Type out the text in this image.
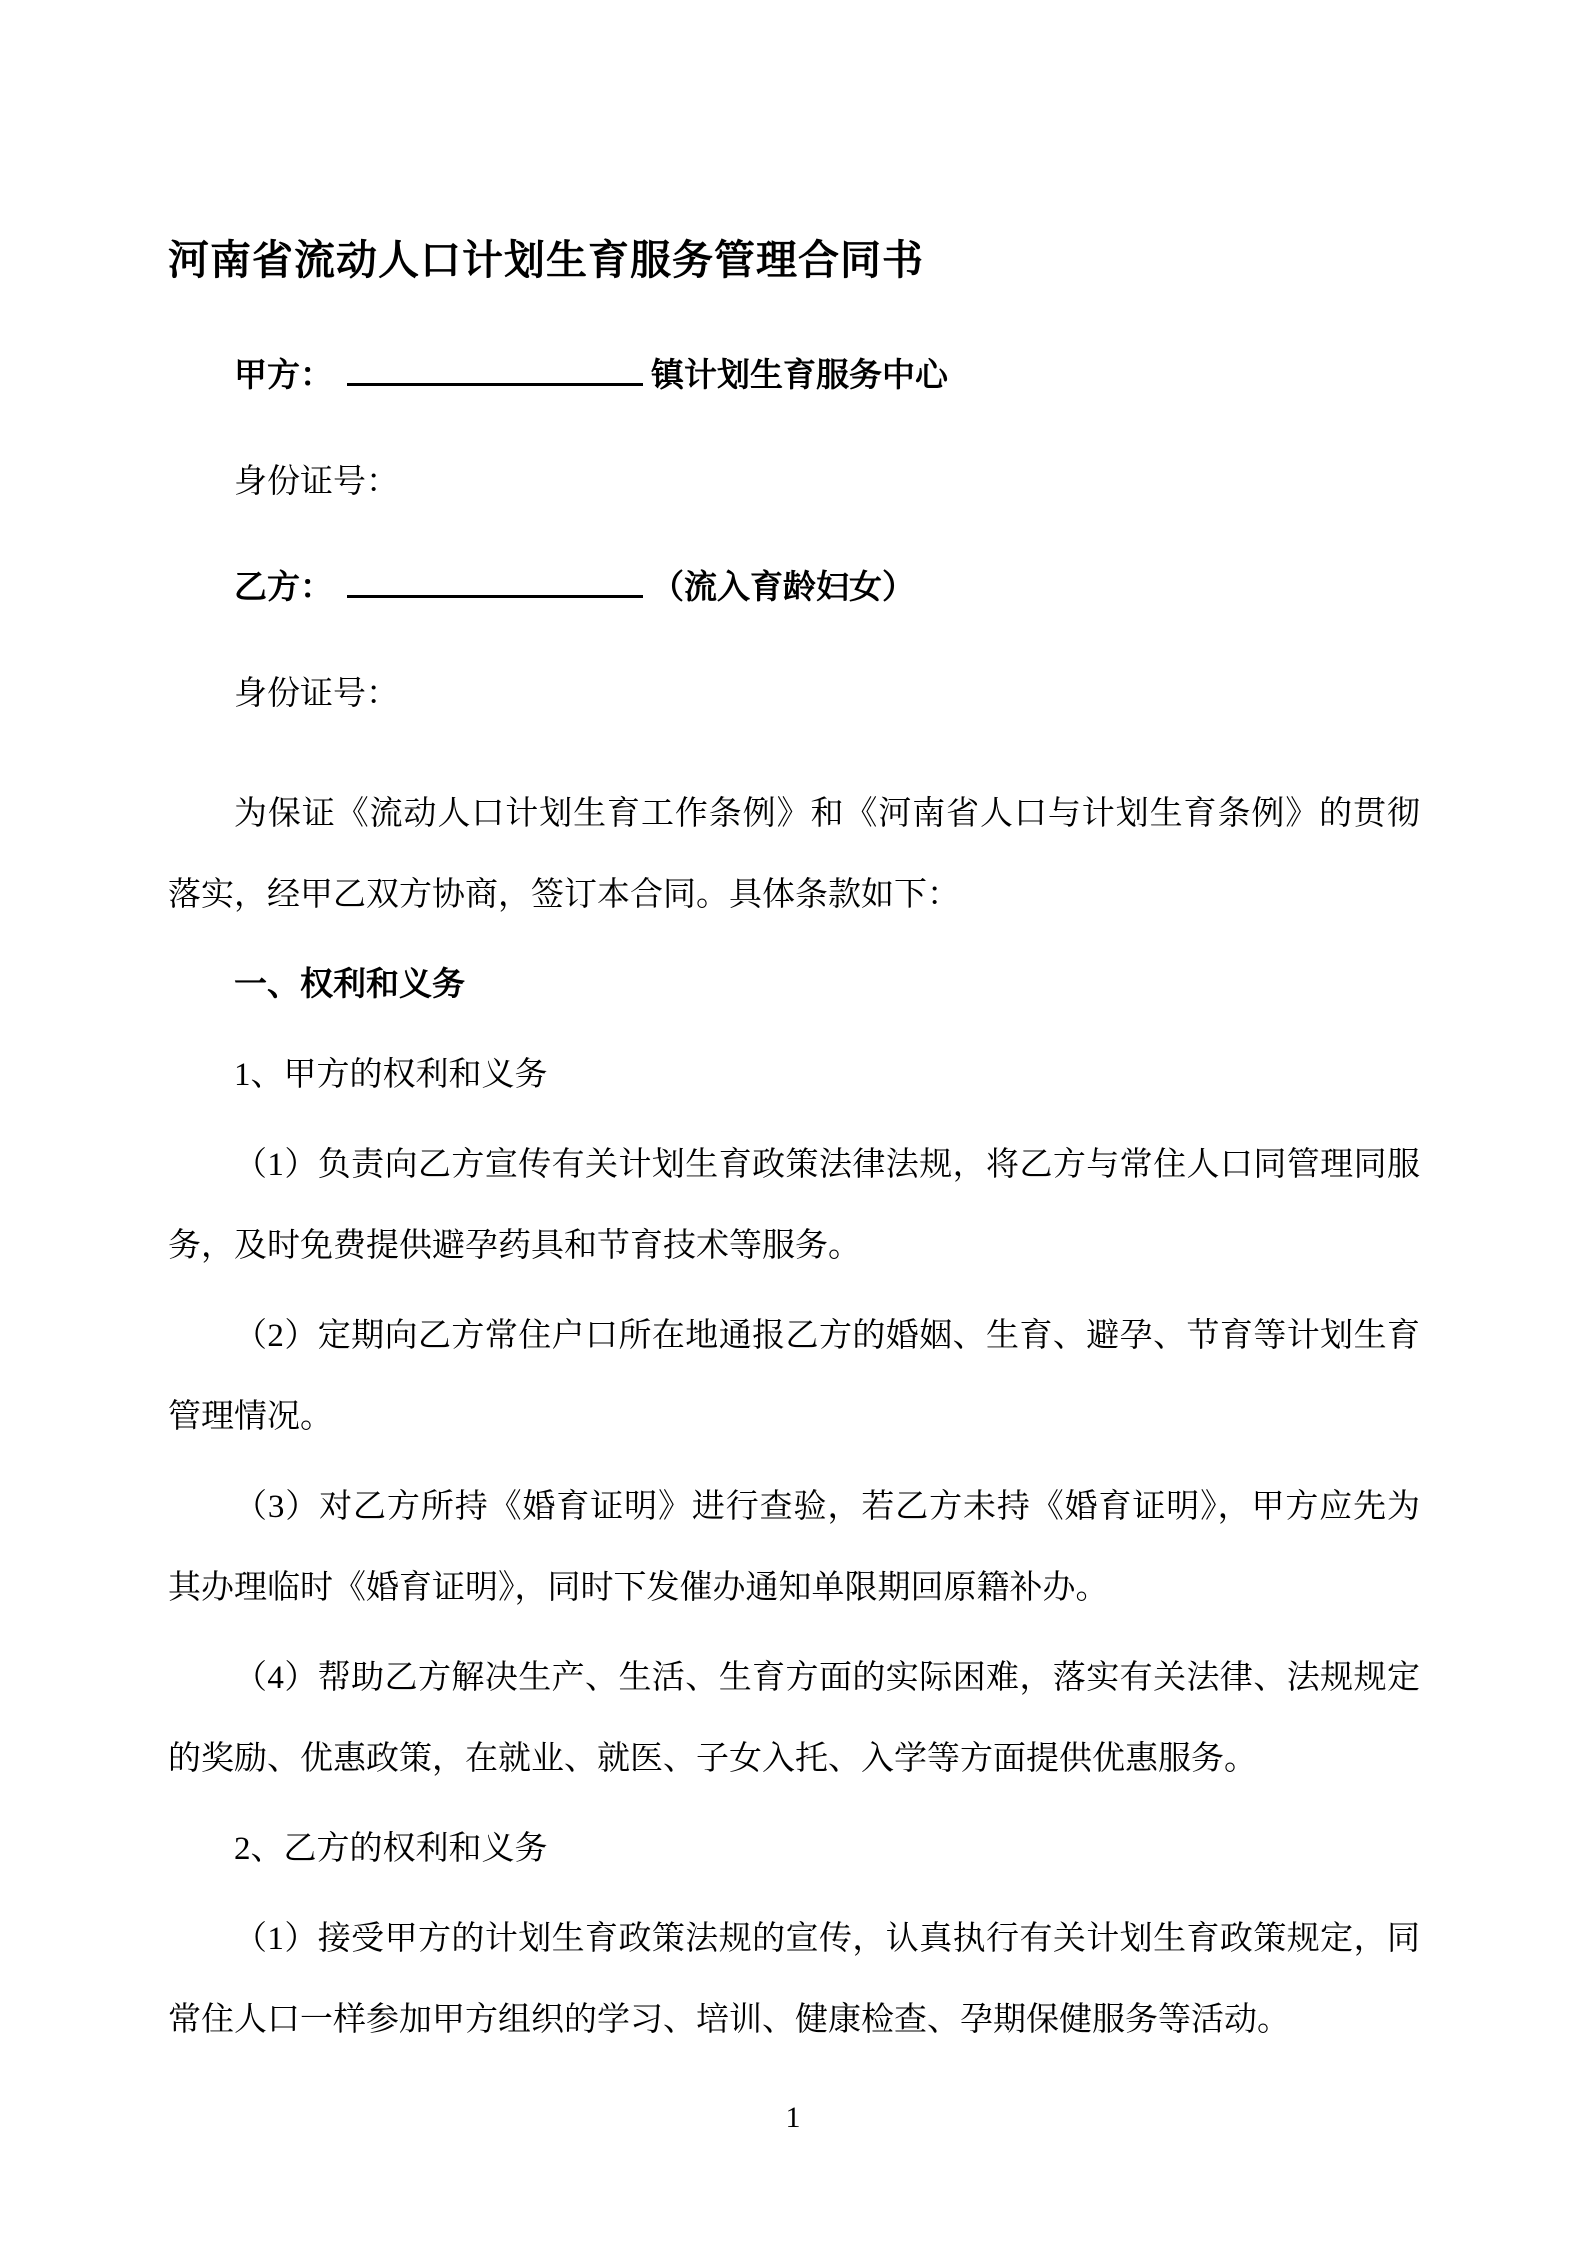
河南省流动人口计划生育服务管理合同书

甲方：	镇计划生育服务中心

身份证号：

乙方：	（流入育龄妇女）

身份证号：

为保证《流动人口计划生育工作条例》和《河南省人口与计划生育条例》的贯彻落实，经甲乙双方协商，签订本合同。具体条款如下：

一、权利和义务

1、甲方的权利和义务

（1）负责向乙方宣传有关计划生育政策法律法规，将乙方与常住人口同管理同服务，及时免费提供避孕药具和节育技术等服务。

（2）定期向乙方常住户口所在地通报乙方的婚姻、生育、避孕、节育等计划生育管理情况。

（3）对乙方所持《婚育证明》进行查验，若乙方未持《婚育证明》，甲方应先为其办理临时《婚育证明》，同时下发催办通知单限期回原籍补办。

（4）帮助乙方解决生产、生活、生育方面的实际困难，落实有关法律、法规规定的奖励、优惠政策，在就业、就医、子女入托、入学等方面提供优惠服务。

2、乙方的权利和义务

（1）接受甲方的计划生育政策法规的宣传，认真执行有关计划生育政策规定，同常住人口一样参加甲方组织的学习、培训、健康检查、孕期保健服务等活动。

1
